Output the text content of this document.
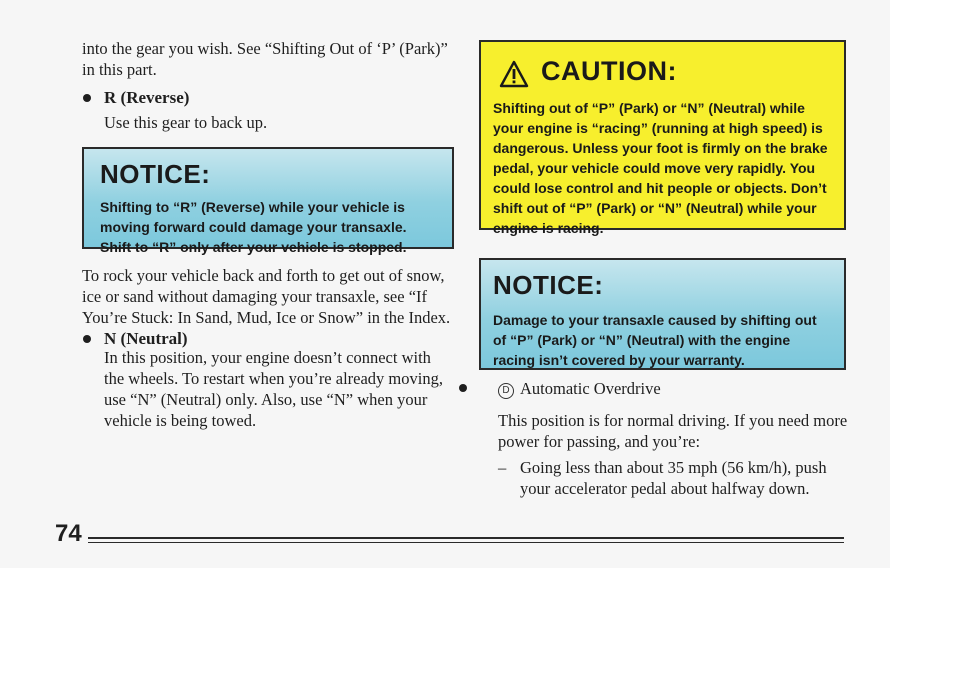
into the gear you wish. See “Shifting Out of ‘P’ (Park)” in this part.

R (Reverse)

Use this gear to back up.

NOTICE:
Shifting to “R” (Reverse) while your vehicle is moving forward could damage your transaxle. Shift to “R” only after your vehicle is stopped.

To rock your vehicle back and forth to get out of snow, ice or sand without damaging your transaxle, see “If You’re Stuck: In Sand, Mud, Ice or Snow” in the Index.

N (Neutral)

In this position, your engine doesn’t connect with the wheels. To restart when you’re already moving, use “N” (Neutral) only. Also, use “N” when your vehicle is being towed.

CAUTION:
Shifting out of “P” (Park) or “N” (Neutral) while your engine is “racing” (running at high speed) is dangerous. Unless your foot is firmly on the brake pedal, your vehicle could move very rapidly. You could lose control and hit people or objects. Don’t shift out of “P” (Park) or “N” (Neutral) while your engine is racing.
NOTICE:
Damage to your transaxle caused by shifting out of “P” (Park) or “N” (Neutral) with the engine racing isn’t covered by your warranty.
D Automatic Overdrive

This position is for normal driving. If you need more power for passing, and you’re:

– Going less than about 35 mph (56 km/h), push your accelerator pedal about halfway down.

74
